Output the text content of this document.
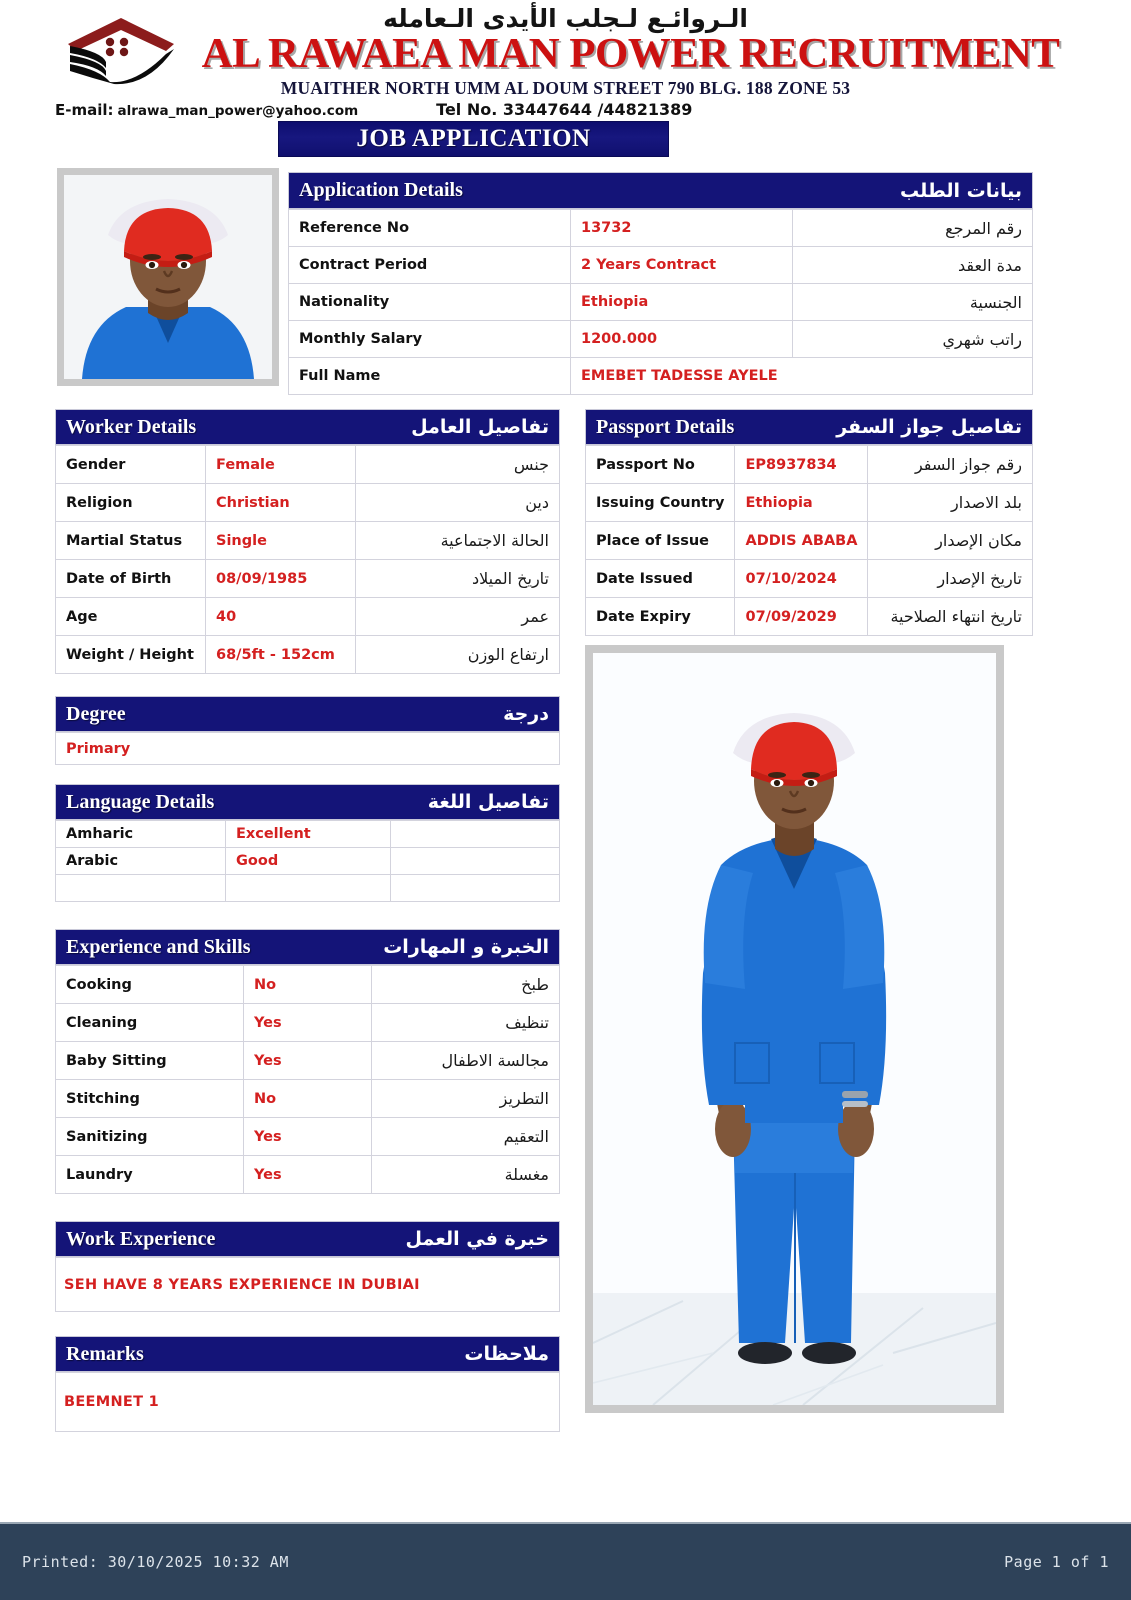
الـروائـع لـجلب الأيدى الـعامله
AL RAWAEA MAN POWER RECRUITMENT
MUAITHER NORTH UMM AL DOUM STREET 790 BLG. 188 ZONE 53
E-mail: alrawa_man_power@yahoo.com	Tel No. 33447644 /44821389
JOB APPLICATION
Application Details	بيانات الطلب
Reference No	13732	رقم المرجع
Contract Period	2 Years Contract	مدة العقد
Nationality	Ethiopia	الجنسية
Monthly Salary	1200.000	راتب شهري
Full Name	EMEBET TADESSE AYELE	
Worker Details	تفاصيل العامل
Gender	Female	جنس
Religion	Christian	دين
Martial Status	Single	الحالة الاجتماعية
Date of Birth	08/09/1985	تاريخ الميلاد
Age	40	عمر
Weight / Height	68/5ft - 152cm	ارتفاع الوزن
Passport Details	تفاصيل جواز السفر
Passport No	EP8937834	رقم جواز السفر
Issuing Country	Ethiopia	بلد الاصدار
Place of Issue	ADDIS ABABA	مكان الإصدار
Date Issued	07/10/2024	تاريخ الإصدار
Date Expiry	07/09/2029	تاريخ انتهاء الصلاحية
Degree	درجة
Primary
Language Details	تفاصيل اللغة
Amharic	Excellent	
Arabic	Good	

Experience and Skills	الخبرة و المهارات
Cooking	No	طبخ
Cleaning	Yes	تنظيف
Baby Sitting	Yes	مجالسة الاطفال
Stitching	No	التطريز
Sanitizing	Yes	التعقيم
Laundry	Yes	مغسلة
Work Experience	خبرة في العمل
SEH HAVE 8 YEARS EXPERIENCE IN DUBIAI
Remarks	ملاحظات
BEEMNET 1
Printed: 30/10/2025 10:32 AM	Page 1 of 1
